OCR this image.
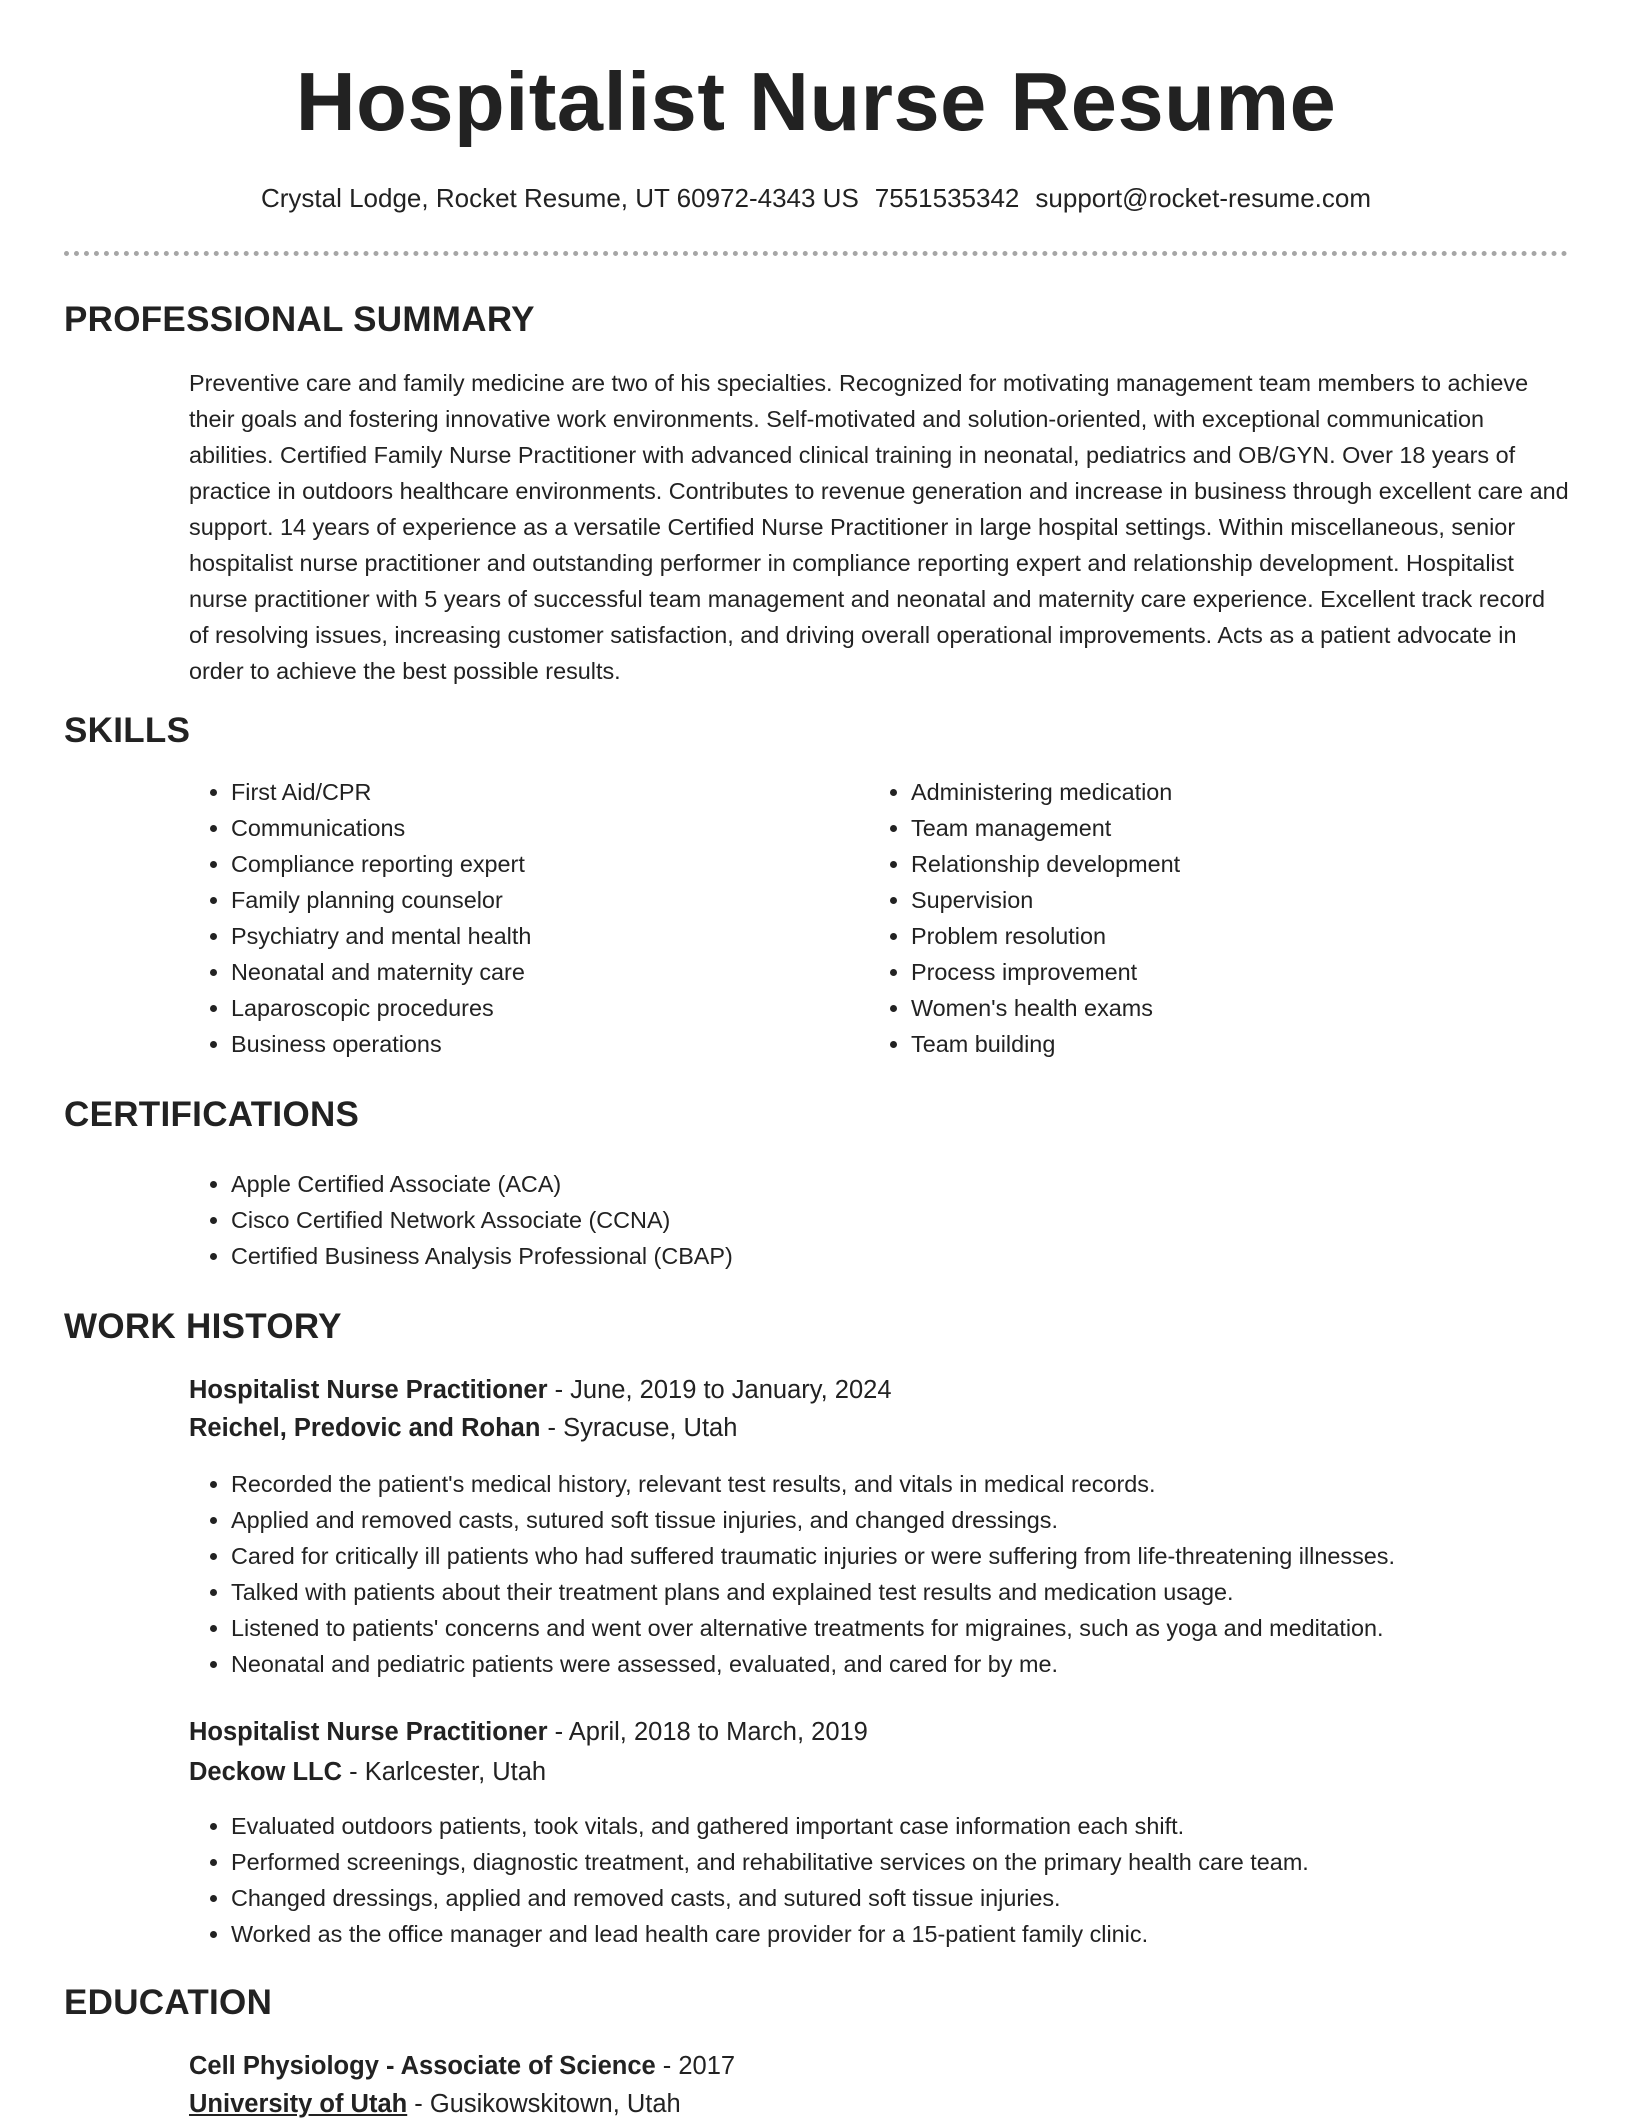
Hospitalist Nurse Resume
Crystal Lodge, Rocket Resume, UT 60972-4343 US 7551535342 support@rocket-resume.com
PROFESSIONAL SUMMARY
Preventive care and family medicine are two of his specialties. Recognized for motivating management team members to achieve their goals and fostering innovative work environments. Self-motivated and solution-oriented, with exceptional communication abilities. Certified Family Nurse Practitioner with advanced clinical training in neonatal, pediatrics and OB/GYN. Over 18 years of practice in outdoors healthcare environments. Contributes to revenue generation and increase in business through excellent care and support. 14 years of experience as a versatile Certified Nurse Practitioner in large hospital settings. Within miscellaneous, senior hospitalist nurse practitioner and outstanding performer in compliance reporting expert and relationship development. Hospitalist nurse practitioner with 5 years of successful team management and neonatal and maternity care experience. Excellent track record of resolving issues, increasing customer satisfaction, and driving overall operational improvements. Acts as a patient advocate in order to achieve the best possible results.
SKILLS
• First Aid/CPR
• Communications
• Compliance reporting expert
• Family planning counselor
• Psychiatry and mental health
• Neonatal and maternity care
• Laparoscopic procedures
• Business operations
• Administering medication
• Team management
• Relationship development
• Supervision
• Problem resolution
• Process improvement
• Women's health exams
• Team building
CERTIFICATIONS
• Apple Certified Associate (ACA)
• Cisco Certified Network Associate (CCNA)
• Certified Business Analysis Professional (CBAP)
WORK HISTORY
Hospitalist Nurse Practitioner - June, 2019 to January, 2024
Reichel, Predovic and Rohan - Syracuse, Utah
• Recorded the patient's medical history, relevant test results, and vitals in medical records.
• Applied and removed casts, sutured soft tissue injuries, and changed dressings.
• Cared for critically ill patients who had suffered traumatic injuries or were suffering from life-threatening illnesses.
• Talked with patients about their treatment plans and explained test results and medication usage.
• Listened to patients' concerns and went over alternative treatments for migraines, such as yoga and meditation.
• Neonatal and pediatric patients were assessed, evaluated, and cared for by me.
Hospitalist Nurse Practitioner - April, 2018 to March, 2019
Deckow LLC - Karlcester, Utah
• Evaluated outdoors patients, took vitals, and gathered important case information each shift.
• Performed screenings, diagnostic treatment, and rehabilitative services on the primary health care team.
• Changed dressings, applied and removed casts, and sutured soft tissue injuries.
• Worked as the office manager and lead health care provider for a 15-patient family clinic.
EDUCATION
Cell Physiology - Associate of Science - 2017
University of Utah - Gusikowskitown, Utah
